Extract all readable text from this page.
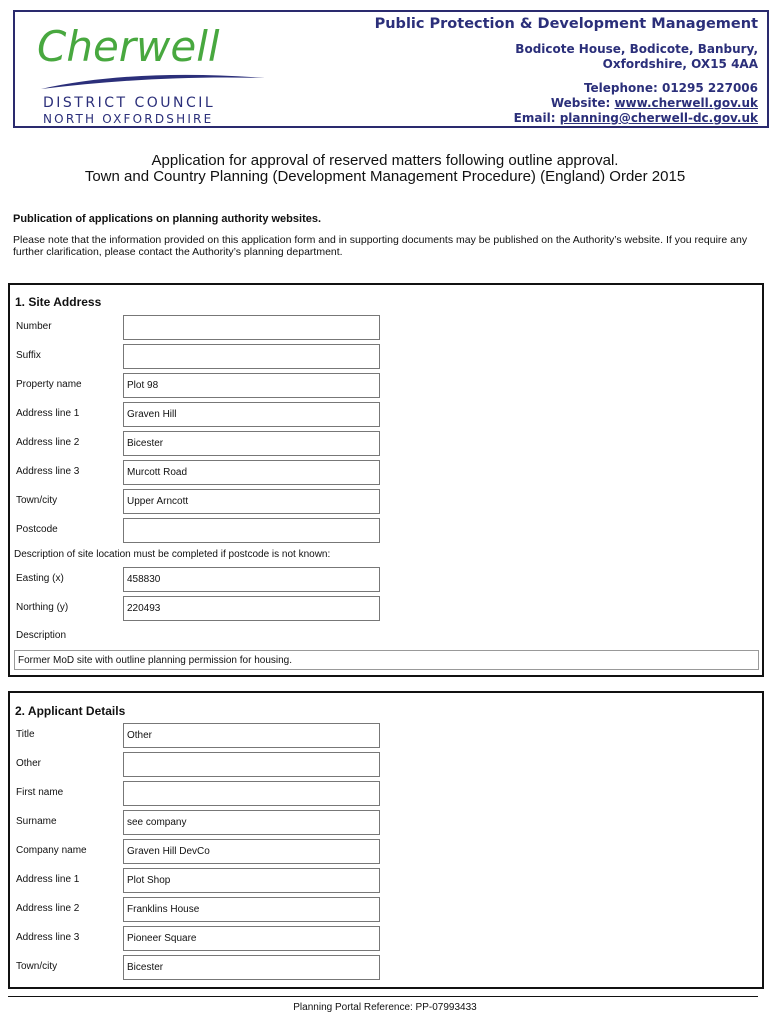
Cherwell
DISTRICT COUNCIL
NORTH OXFORDSHIRE
Public Protection & Development Management
Bodicote House, Bodicote, Banbury,
Oxfordshire, OX15 4AA
Telephone: 01295 227006
Website: www.cherwell.gov.uk
Email: planning@cherwell-dc.gov.uk
Application for approval of reserved matters following outline approval.
Town and Country Planning (Development Management Procedure) (England) Order 2015
Publication of applications on planning authority websites.
Please note that the information provided on this application form and in supporting documents may be published on the Authority’s website. If you require any further clarification, please contact the Authority’s planning department.
1. Site Address
Number
Suffix
Property name	Plot 98
Address line 1	Graven Hill
Address line 2	Bicester
Address line 3	Murcott Road
Town/city	Upper Arncott
Postcode
Description of site location must be completed if postcode is not known:
Easting (x)	458830
Northing (y)	220493
Description
Former MoD site with outline planning permission for housing.
2. Applicant Details
Title	Other
Other
First name
Surname	see company
Company name	Graven Hill DevCo
Address line 1	Plot Shop
Address line 2	Franklins House
Address line 3	Pioneer Square
Town/city	Bicester
Planning Portal Reference: PP-07993433
